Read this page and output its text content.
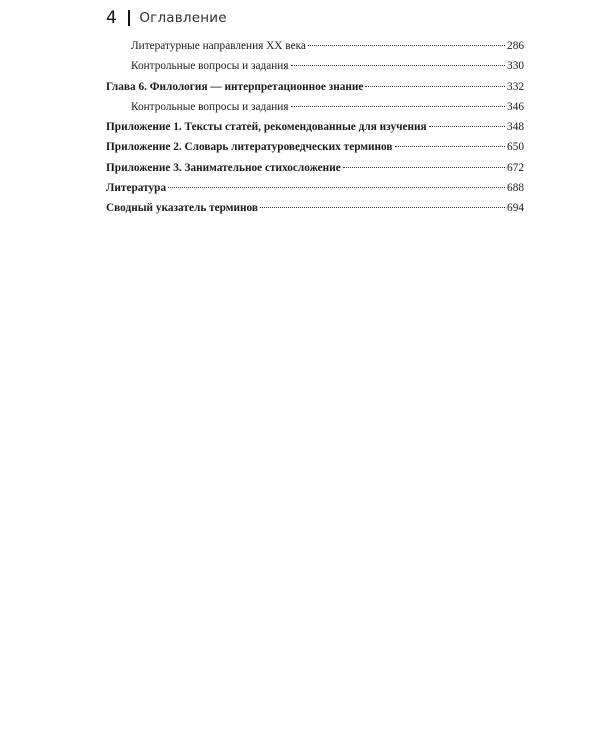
4 Оглавление
Литературные направления XX века	286
Контрольные вопросы и задания	330
Глава 6. Филология — интерпретационное знание	332
Контрольные вопросы и задания	346
Приложение 1. Тексты статей, рекомендованные для изучения	348
Приложение 2. Словарь литературоведческих терминов	650
Приложение 3. Занимательное стихосложение	672
Литература	688
Сводный указатель терминов	694
